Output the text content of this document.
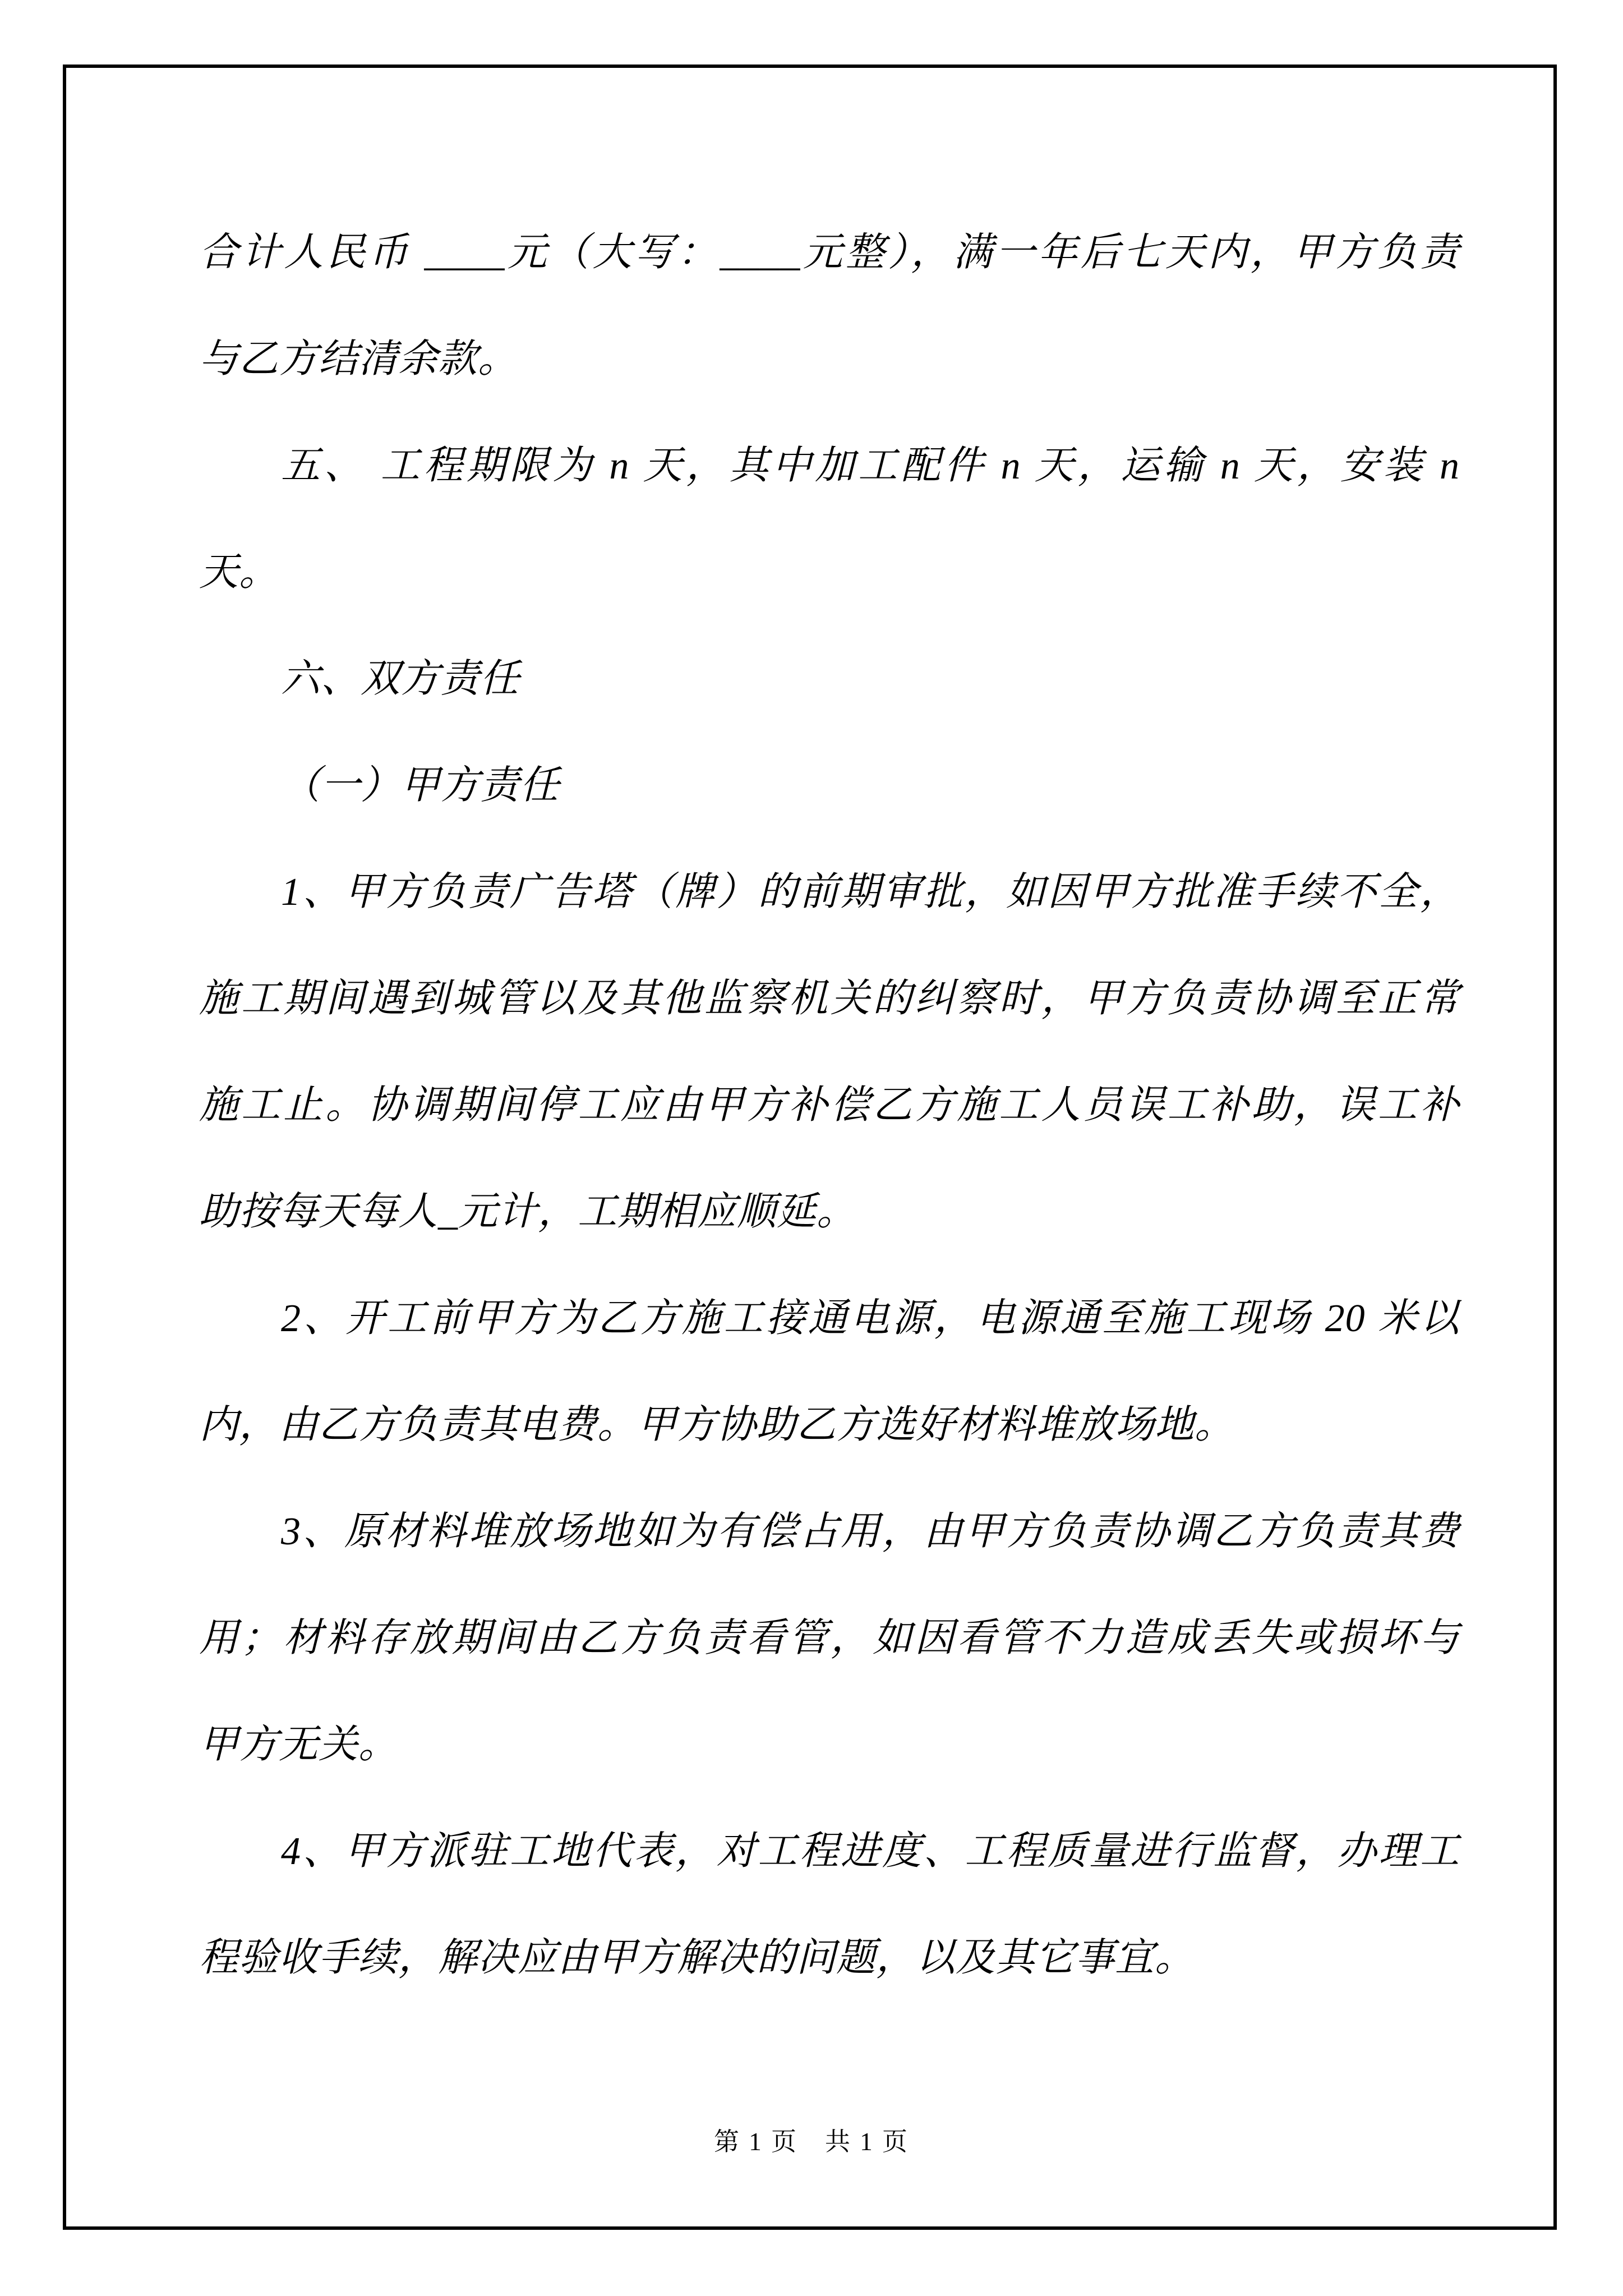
合计人民币 ____元（大写：____元整），满一年后七天内，甲方负责
与乙方结清余款。
五、 工程期限为 n 天，其中加工配件 n 天，运输 n 天，安装 n
天。
六、双方责任
（一）甲方责任
1、甲方负责广告塔（牌）的前期审批，如因甲方批准手续不全，
施工期间遇到城管以及其他监察机关的纠察时，甲方负责协调至正常
施工止。协调期间停工应由甲方补偿乙方施工人员误工补助，误工补
助按每天每人_元计，工期相应顺延。
2、开工前甲方为乙方施工接通电源，电源通至施工现场 20 米以
内，由乙方负责其电费。甲方协助乙方选好材料堆放场地。
3、原材料堆放场地如为有偿占用，由甲方负责协调乙方负责其费
用；材料存放期间由乙方负责看管，如因看管不力造成丢失或损坏与
甲方无关。
4、甲方派驻工地代表，对工程进度、工程质量进行监督，办理工
程验收手续，解决应由甲方解决的问题，以及其它事宜。
第 1 页　共 1 页
